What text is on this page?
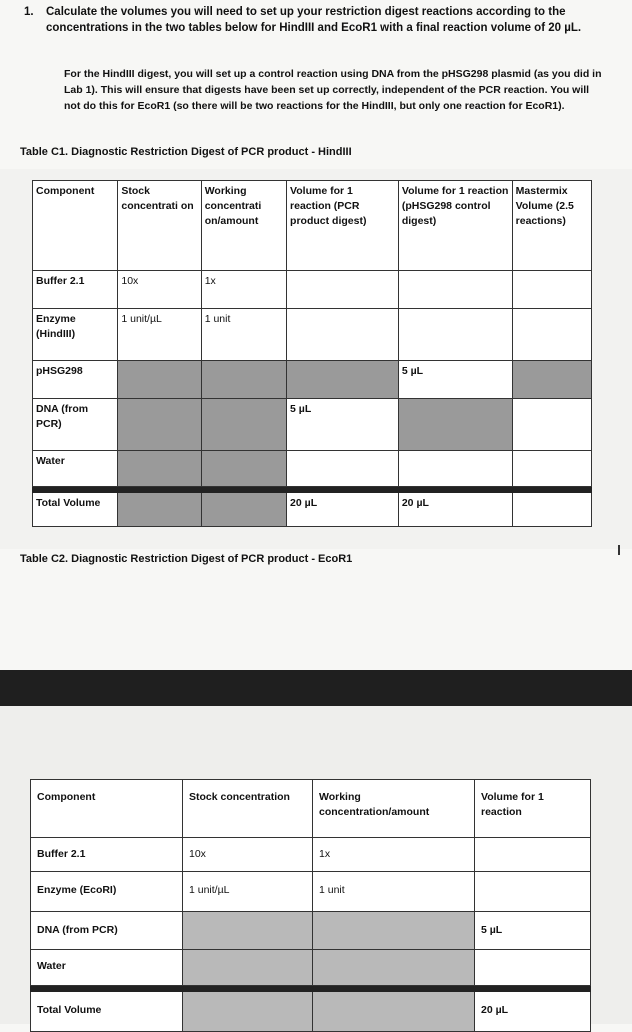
1. Calculate the volumes you will need to set up your restriction digest reactions according to the concentrations in the two tables below for HindIII and EcoR1 with a final reaction volume of 20 µL.
For the HindIII digest, you will set up a control reaction using DNA from the pHSG298 plasmid (as you did in Lab 1). This will ensure that digests have been set up correctly, independent of the PCR reaction. You will not do this for EcoR1 (so there will be two reactions for the HindIII, but only one reaction for EcoR1).
Table C1. Diagnostic Restriction Digest of PCR product - HindIII
Component	Stock concentrati on	Working concentrati on/amount	Volume for 1 reaction (PCR product digest)	Volume for 1 reaction (pHSG298 control digest)	Mastermix Volume (2.5 reactions)
Buffer 2.1	10x	1x			
Enzyme (HindIII)	1 unit/µL	1 unit			
pHSG298				5 µL	
DNA (from PCR)			5 µL		
Water					

Total Volume			20 µL	20 µL	
Table C2. Diagnostic Restriction Digest of PCR product - EcoR1
Component	Stock concentration	Working concentration/amount	Volume for 1 reaction
Buffer 2.1	10x	1x	
Enzyme (EcoRI)	1 unit/µL	1 unit	
DNA (from PCR)			5 µL
Water			

Total Volume			20 µL
